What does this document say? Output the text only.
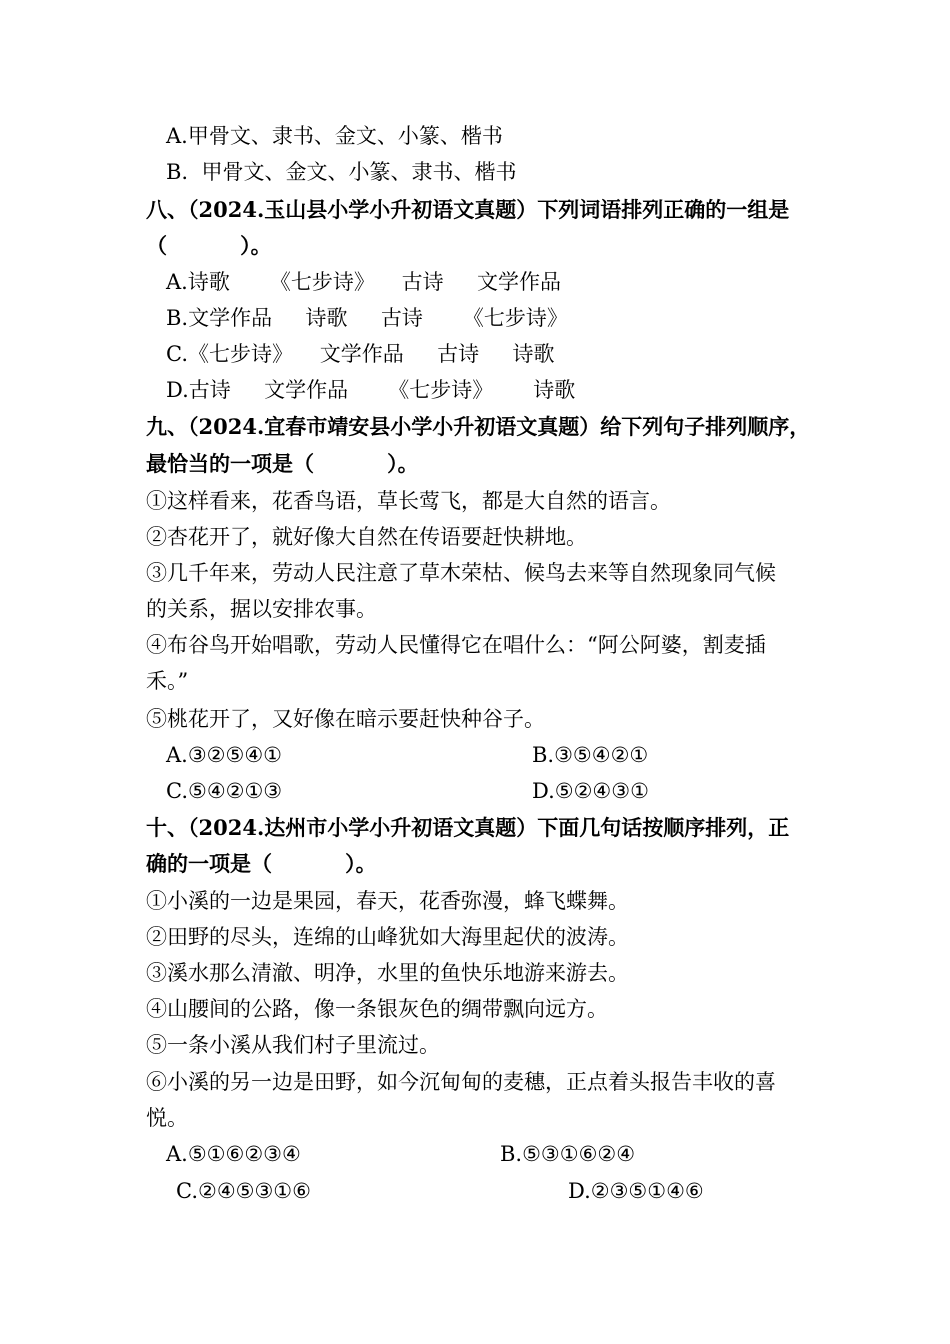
A.甲骨文、隶书、金文、小篆、楷书
B.  甲骨文、金文、小篆、隶书、楷书
八、（2024.玉山县小学小升初语文真题）下列词语排列正确的一组是
（          ）。
A.诗歌      《七步诗》    古诗     文学作品
B.文学作品     诗歌     古诗      《七步诗》
C.《七步诗》    文学作品     古诗     诗歌
D.古诗     文学作品      《七步诗》      诗歌
九、（2024.宜春市靖安县小学小升初语文真题）给下列句子排列顺序，
最恰当的一项是（          ）。
①这样看来，花香鸟语，草长莺飞，都是大自然的语言。
②杏花开了，就好像大自然在传语要赶快耕地。
③几千年来，劳动人民注意了草木荣枯、候鸟去来等自然现象同气候
的关系，据以安排农事。
④布谷鸟开始唱歌，劳动人民懂得它在唱什么：“阿公阿婆，割麦插
禾。”
⑤桃花开了，又好像在暗示要赶快种谷子。
A.③②⑤④①	B.③⑤④②①
C.⑤④②①③	D.⑤②④③①
十、（2024.达州市小学小升初语文真题）下面几句话按顺序排列，正
确的一项是（          ）。
①小溪的一边是果园，春天，花香弥漫，蜂飞蝶舞。
②田野的尽头，连绵的山峰犹如大海里起伏的波涛。
③溪水那么清澈、明净，水里的鱼快乐地游来游去。
④山腰间的公路，像一条银灰色的绸带飘向远方。
⑤一条小溪从我们村子里流过。
⑥小溪的另一边是田野，如今沉甸甸的麦穗，正点着头报告丰收的喜
悦。
A.⑤①⑥②③④	B.⑤③①⑥②④
C.②④⑤③①⑥	D.②③⑤①④⑥
